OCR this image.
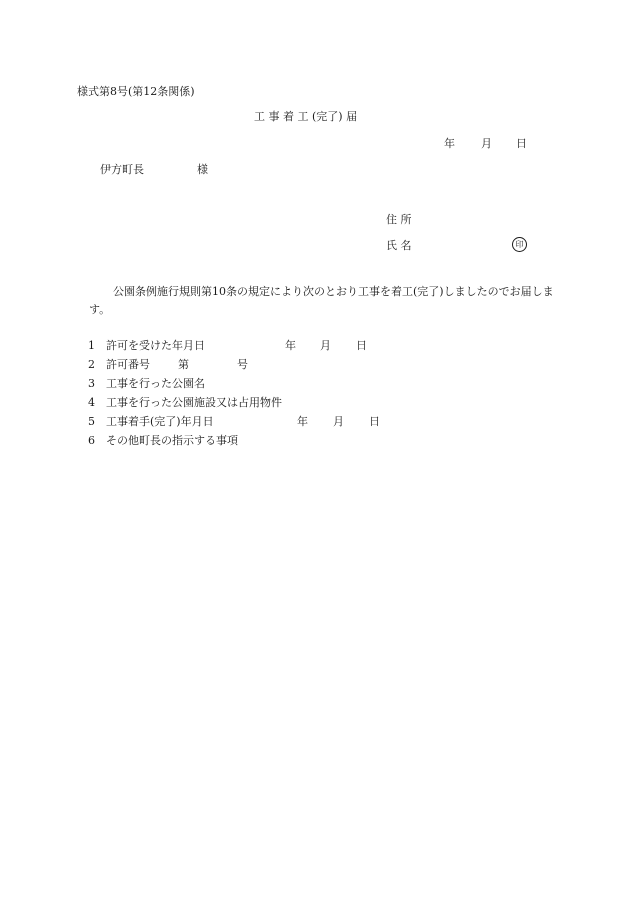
様式第8号(第12条関係)
工 事 着 工 (完了) 届
年 月 日
伊方町長	様
住 所
氏 名	印
公園条例施行規則第10条の規定により次のとおり工事を着工(完了)しましたのでお届します。
1 許可を受けた年月日	年 月 日
2 許可番号	第	号
3 工事を行った公園名
4 工事を行った公園施設又は占用物件
5 工事着手(完了)年月日	年 月 日
6 その他町長の指示する事項
